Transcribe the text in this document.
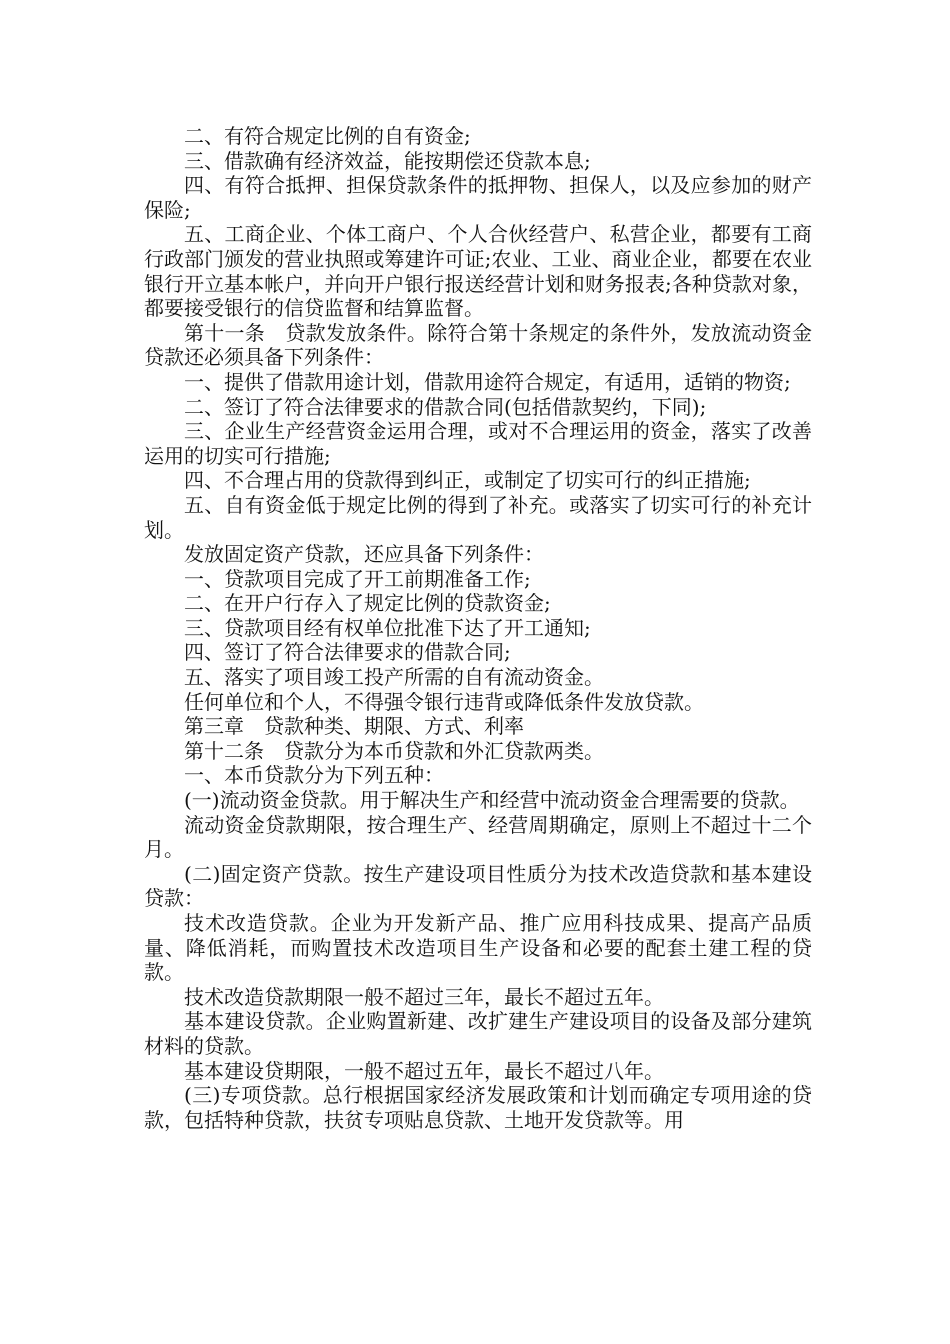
二、有符合规定比例的自有资金;

三、借款确有经济效益，能按期偿还贷款本息;

四、有符合抵押、担保贷款条件的抵押物、担保人，以及应参加的财产保险;

五、工商企业、个体工商户、个人合伙经营户、私营企业，都要有工商行政部门颁发的营业执照或筹建许可证;农业、工业、商业企业，都要在农业银行开立基本帐户，并向开户银行报送经营计划和财务报表;各种贷款对象，都要接受银行的信贷监督和结算监督。

第十一条　贷款发放条件。除符合第十条规定的条件外，发放流动资金贷款还必须具备下列条件：

一、提供了借款用途计划，借款用途符合规定，有适用，适销的物资;

二、签订了符合法律要求的借款合同(包括借款契约，下同);

三、企业生产经营资金运用合理，或对不合理运用的资金，落实了改善运用的切实可行措施;

四、不合理占用的贷款得到纠正，或制定了切实可行的纠正措施;

五、自有资金低于规定比例的得到了补充。或落实了切实可行的补充计划。

发放固定资产贷款，还应具备下列条件：

一、贷款项目完成了开工前期准备工作;

二、在开户行存入了规定比例的贷款资金;

三、贷款项目经有权单位批准下达了开工通知;

四、签订了符合法律要求的借款合同;

五、落实了项目竣工投产所需的自有流动资金。

任何单位和个人，不得强令银行违背或降低条件发放贷款。

第三章　贷款种类、期限、方式、利率

第十二条　贷款分为本币贷款和外汇贷款两类。

一、本币贷款分为下列五种：

(一)流动资金贷款。用于解决生产和经营中流动资金合理需要的贷款。

流动资金贷款期限，按合理生产、经营周期确定，原则上不超过十二个月。

(二)固定资产贷款。按生产建设项目性质分为技术改造贷款和基本建设贷款：

技术改造贷款。企业为开发新产品、推广应用科技成果、提高产品质量、降低消耗，而购置技术改造项目生产设备和必要的配套土建工程的贷款。

技术改造贷款期限一般不超过三年，最长不超过五年。

基本建设贷款。企业购置新建、改扩建生产建设项目的设备及部分建筑材料的贷款。

基本建设贷期限，一般不超过五年，最长不超过八年。

(三)专项贷款。总行根据国家经济发展政策和计划而确定专项用途的贷款，包括特种贷款，扶贫专项贴息贷款、土地开发贷款等。用
